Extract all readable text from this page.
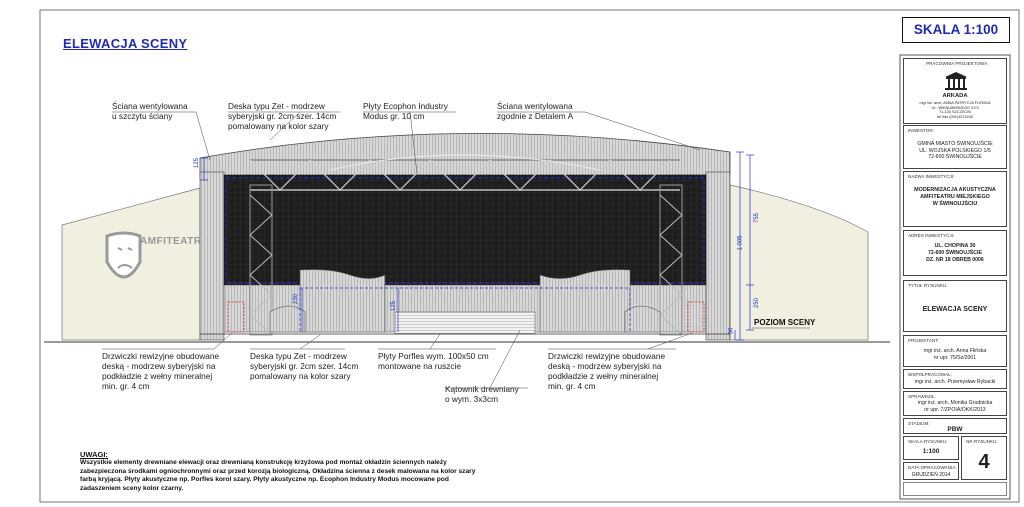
ELEWACJA SCENY
SKALA 1:100
AMFITEATR
POZIOM SCENY
125
755
1 005
250
50
230
125
Ściana wentylowana
u szczytu ściany
Deska typu Zet - modrzew
syberyjski gr. 2cm szer. 14cm
pomalowany na kolor szary
Płyty Ecophon Industry
Modus gr. 10 cm
Ściana wentylowana
zgodnie z Detalem A
Drzwiczki rewizyjne obudowane
deską - modrzew syberyjski na
podkładzie z wełny mineralnej
min. gr. 4 cm
Deska typu Zet - modrzew
syberyjski gr. 2cm szer. 14cm
pomalowany na kolor szary
Płyty Porfles wym. 100x50 cm
montowane na ruszcie
Kątownik drewniany
o wym. 3x3cm
Drzwiczki rewizyjne obudowane
deską - modrzew syberyjski na
podkładzie z wełny mineralnej
min. gr. 4 cm
UWAGI:
Wszystkie elementy drewniane elewacji oraz drewnianą konstrukcję krzyżowa pod montaż okładzin ściennych należy zabezpieczona środkami ogniochronnymi oraz przed korozją biologiczną. Okładzina ścienna z desek malowana na kolor szary farbą kryjącą. Płyty akustyczne np. Porfles korol szary. Płyty akustyczne np. Ecophon Industry Modus mocowane pod zadaszeniem sceny kolor czarny.
PRACOWNIA PROJEKTOWA
ARKADA
mgr inż. arch. ANNA PATRYCJA FLIŃSKA
UL. WIENIAWSKIEGO 37/3
71-130 SZCZECIN
tel./fax (091)4374242
INWESTOR:
GMINA MIASTO ŚWINOUJŚCIE
UL. WOJSKA POLSKIEGO 1/5
72-600 ŚWINOUJŚCIE
NAZWA INWESTYCJI:
MODERNIZACJA AKUSTYCZNA
AMFITEATRU MIEJSKIEGO
W ŚWINOUJŚCIU
ADRES INWESTYCJI:
UL. CHOPINA 30
72-600 ŚWINOUJŚCIE
DZ. NR 18 OBRĘB 0006
TYTUŁ RYSUNKU:
ELEWACJA SCENY
PROJEKTANT:
mgr inż. arch. Anna Flińska
nr upr. 75/Sz/2001
WSPÓŁPRACOWAŁ:
mgr inż. arch. Przemysław Rybacki
SPRAWDZIŁ:
mgr inż. arch. Monika Grudnicka
nr upr. 7/ZPOIA/OKK/2013
STADIUM:
PBW
SKALA RYSUNKU:
1:100
NR RYSUNKU:
4
DATA OPRACOWANIA:
GRUDZIEŃ 2014
